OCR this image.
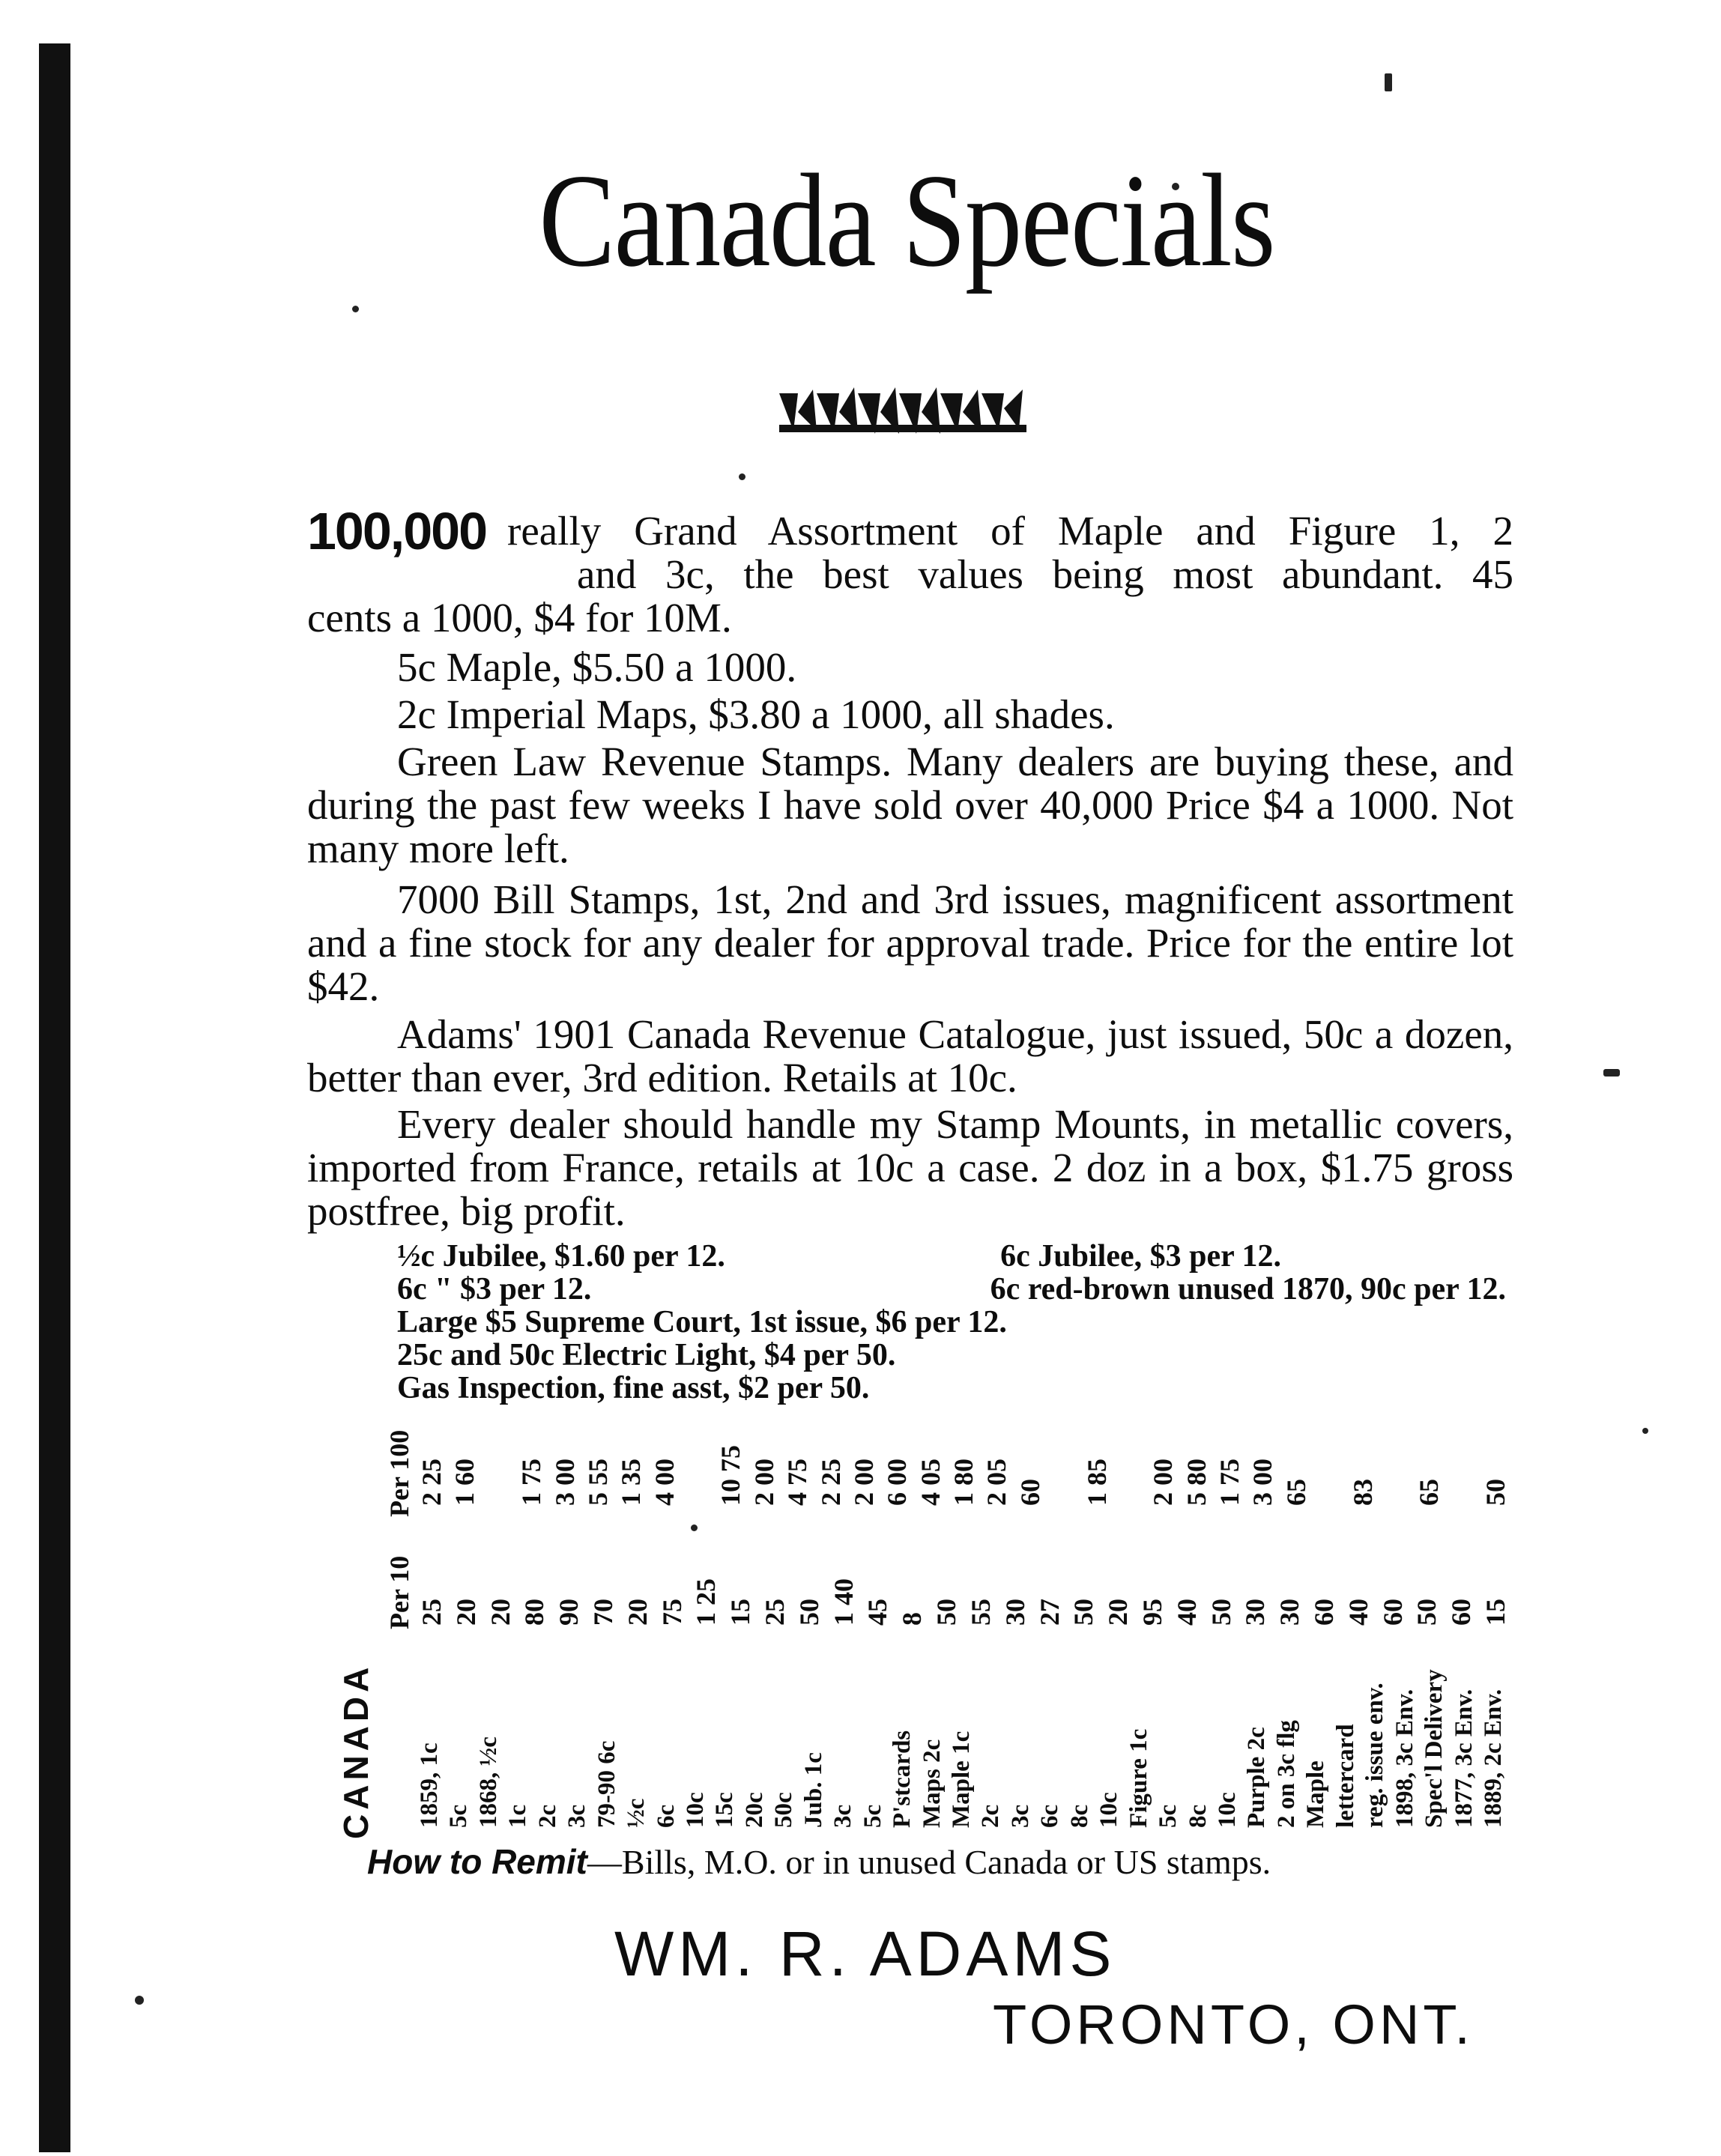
Canada Specials
100,000 really Grand Assortment of Maple and Figure 1, 2
and 3c, the best values being most abundant. 45
cents a 1000, $4 for 10M.
5c Maple, $5.50 a 1000.
2c Imperial Maps, $3.80 a 1000, all shades.
Green Law Revenue Stamps. Many dealers are buying these, and during the past few weeks I have sold over 40,000 Price $4 a 1000. Not many more left.
7000 Bill Stamps, 1st, 2nd and 3rd issues, magnificent assortment and a fine stock for any dealer for approval trade. Price for the entire lot $42.
Adams' 1901 Canada Revenue Catalogue, just issued, 50c a dozen, better than ever, 3rd edition. Retails at 10c.
Every dealer should handle my Stamp Mounts, in metallic covers, imported from France, retails at 10c a case. 2 doz in a box, $1.75 gross postfree, big profit.
½c Jubilee, $1.60 per 12.	6c Jubilee, $3 per 12.
6c " $3 per 12.	6c red-brown unused 1870, 90c per 12.
Large $5 Supreme Court, 1st issue, $6 per 12.
25c and 50c Electric Light, $4 per 50.
Gas Inspection, fine asst, $2 per 50.
Per 100
Per 10
CANADA
2 25 1 60 1 75 3 00 5 55 1 35 4 00 10 75 2 00 4 75 2 25 2 00 6 00 4 05 1 80 2 05 60 1 85 2 00 5 80 1 75 3 00 65 83 65 50
25 20 20 80 90 70 20 75 1 25 15 25 50 1 40 45 8 50 55 30 27 50 20 95 40 50 30 30 60 40 60 50 60 15
1859, 1c 5c 1868, ½c 1c 2c 3c 79-90 6c ½c 6c 10c 15c 20c 50c Jub. 1c 3c 5c P'stcards Maps 2c Maple 1c 2c 3c 6c 8c 10c Figure 1c 5c 8c 10c Purple 2c 2 on 3c flg Maple lettercard reg. issue env. 1898, 3c Env. Spec'l Delivery 1877, 3c Env. 1889, 2c Env.
How to Remit—Bills, M.O. or in unused Canada or US stamps.
WM. R. ADAMS
TORONTO, ONT.
